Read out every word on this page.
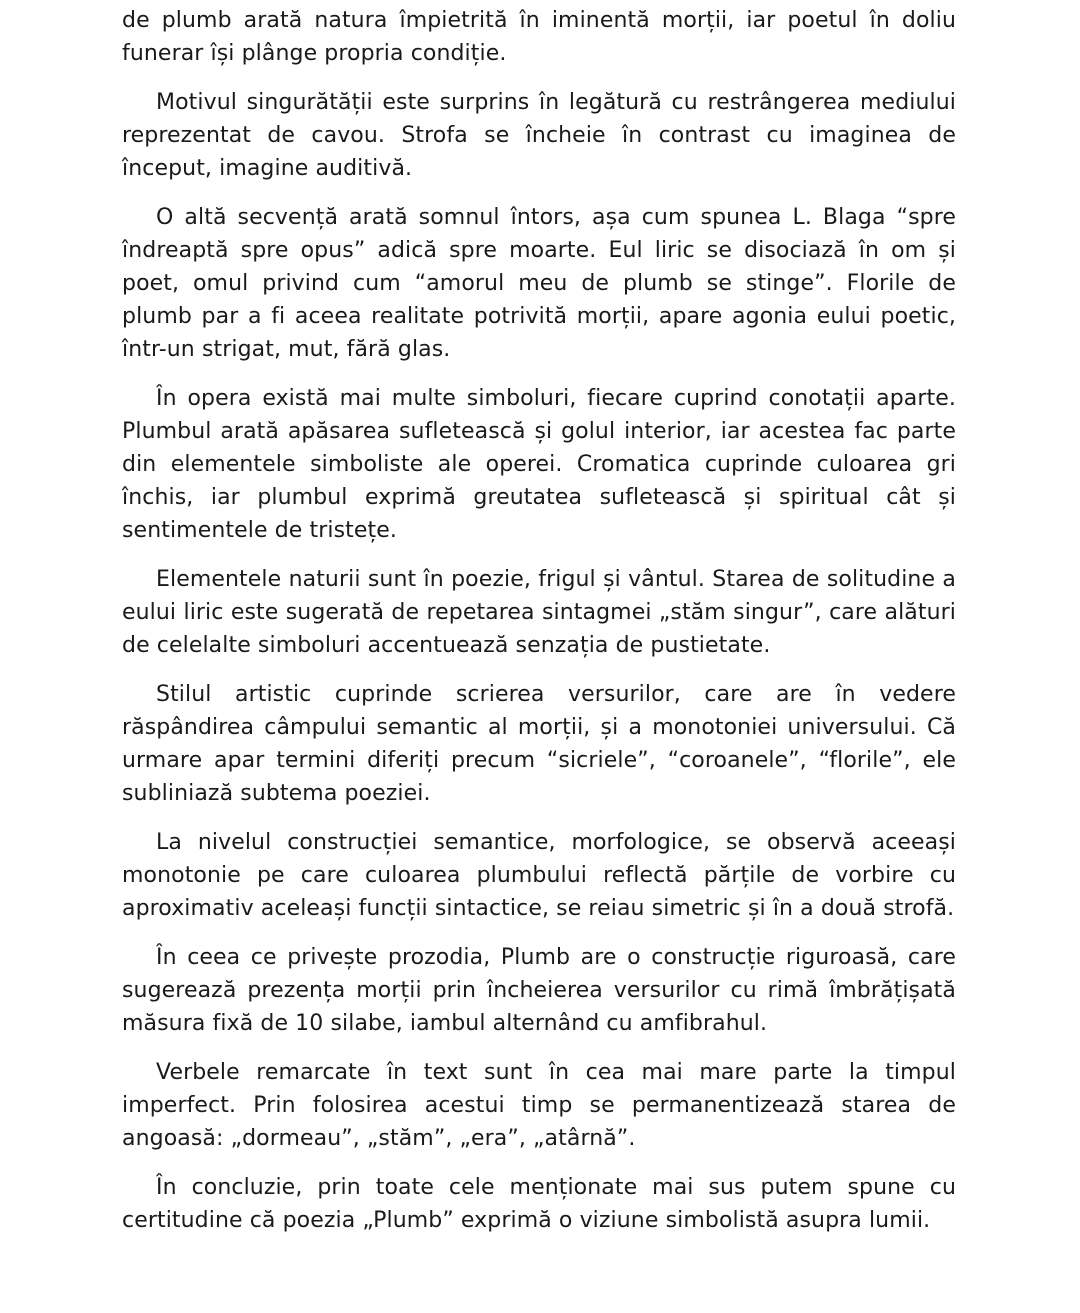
de plumb arată natura împietrită în iminentă morții, iar poetul în doliu funerar își plânge propria condiție.

Motivul singurătății este surprins în legătură cu restrângerea mediului reprezentat de cavou. Strofa se încheie în contrast cu imaginea de început, imagine auditivă.

O altă secvență arată somnul întors, așa cum spunea L. Blaga “spre îndreaptă spre opus” adică spre moarte. Eul liric se disociază în om și poet, omul privind cum “amorul meu de plumb se stinge”. Florile de plumb par a fi aceea realitate potrivită morții, apare agonia eului poetic, într-un strigat, mut, fără glas.

În opera există mai multe simboluri, fiecare cuprind conotații aparte. Plumbul arată apăsarea sufletească și golul interior, iar acestea fac parte din elementele simboliste ale operei. Cromatica cuprinde culoarea gri închis, iar plumbul exprimă greutatea sufletească și spiritual cât și sentimentele de tristețe.

Elementele naturii sunt în poezie, frigul și vântul. Starea de solitudine a eului liric este sugerată de repetarea sintagmei „stăm singur”, care alături de celelalte simboluri accentuează senzația de pustietate.

Stilul artistic cuprinde scrierea versurilor, care are în vedere răspândirea câmpului semantic al morții, și a monotoniei universului. Că urmare apar termini diferiți precum “sicriele”, “coroanele”, “florile”, ele subliniază subtema poeziei.

La nivelul construcției semantice, morfologice, se observă aceeași monotonie pe care culoarea plumbului reflectă părțile de vorbire cu aproximativ aceleași funcții sintactice, se reiau simetric și în a două strofă.

În ceea ce privește prozodia, Plumb are o construcție riguroasă, care sugerează prezența morții prin încheierea versurilor cu rimă îmbrățișată măsura fixă de 10 silabe, iambul alternând cu amfibrahul.

Verbele remarcate în text sunt în cea mai mare parte la timpul imperfect. Prin folosirea acestui timp se permanentizează starea de angoasă: „dormeau”, „stăm”, „era”, „atârnă”.

În concluzie, prin toate cele menționate mai sus putem spune cu certitudine că poezia „Plumb” exprimă o viziune simbolistă asupra lumii.
